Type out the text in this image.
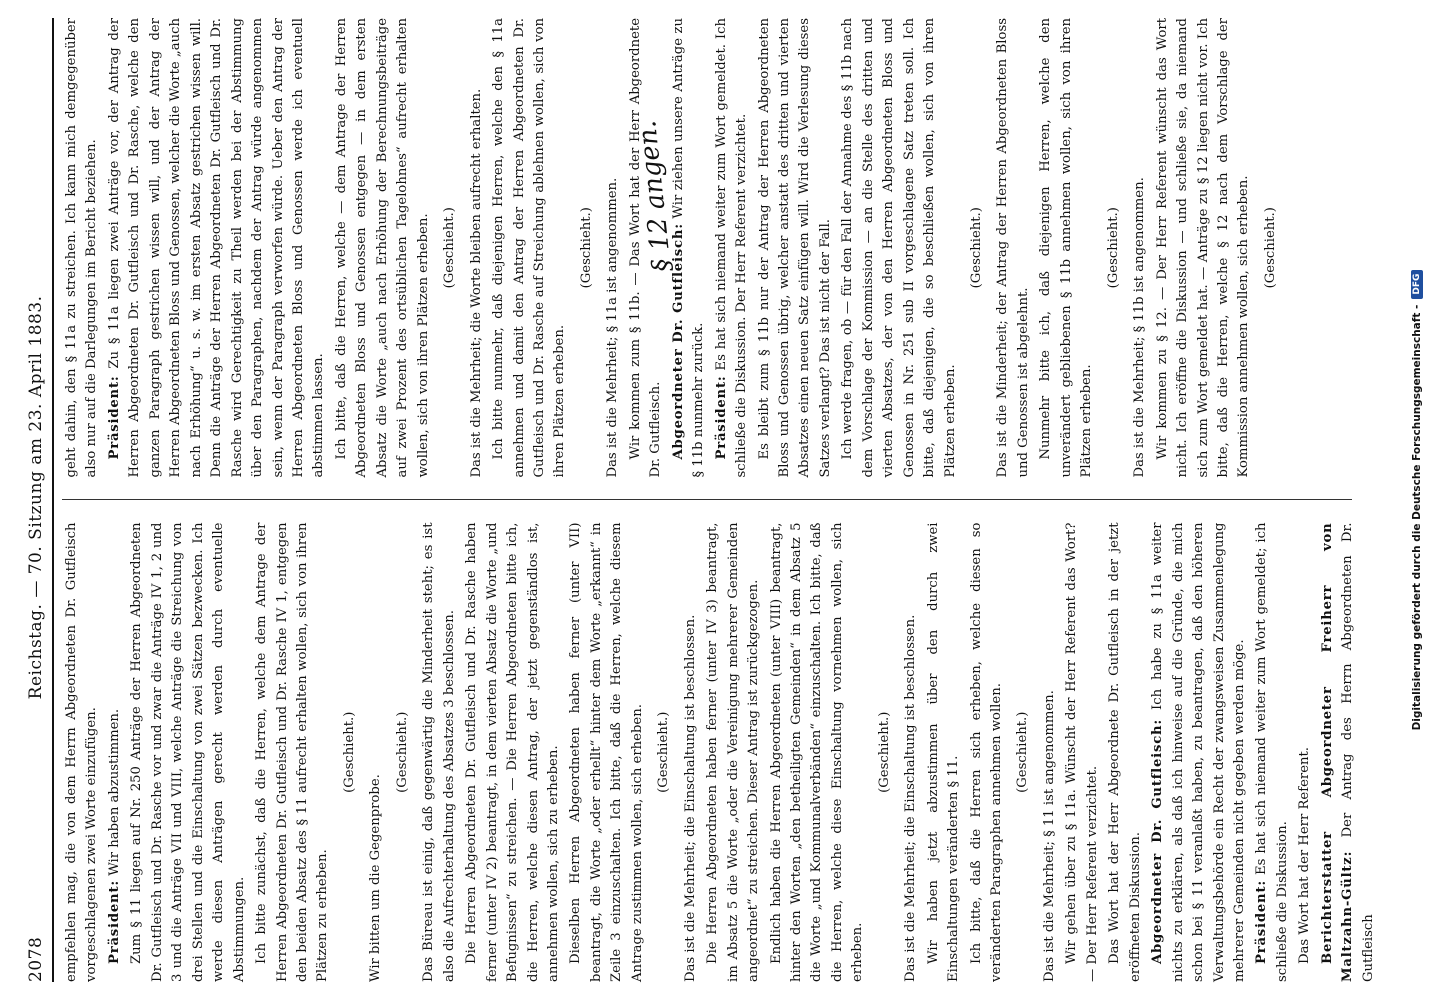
2078
Reichstag. — 70. Sitzung am 23. April 1883.

empfehlen mag, die von dem Herrn Abgeordneten Dr. Gutfleisch vorgeschlagenen zwei Worte einzufügen. Präsident: Wir haben abzustimmen. Zum § 11 liegen auf Nr. 250 Anträge der Herren Abgeordneten Dr. Gutfleisch und Dr. Rasche vor und zwar die Anträge IV 1, 2 und 3 und die Anträge VII und VIII, welche Anträge die Streichung von drei Stellen und die Einschaltung von zwei Sätzen bezwecken. Ich werde diesen Anträgen gerecht werden durch eventuelle Abstimmungen. Ich bitte zunächst, daß die Herren, welche dem Antrage der Herren Abgeordneten Dr. Gutfleisch und Dr. Rasche IV 1, entgegen den beiden Absatz des § 11 aufrecht erhalten wollen, sich von ihren Plätzen zu erheben.

(Geschieht.)

Wir bitten um die Gegenprobe.

(Geschieht.) Das Büreau ist einig, daß gegenwärtig die Minderheit steht; es ist also die Aufrechterhaltung des Absatzes 3 beschlossen. Die Herren Abgeordneten Dr. Gutfleisch und Dr. Rasche haben ferner (unter IV 2) beantragt, in dem vierten Absatz die Worte „und Befugnissen“ zu streichen. — Die Herren Abgeordneten bitte ich, die Herren, welche diesen Antrag, der jetzt gegenständlos ist, annehmen wollen, sich zu erheben. Dieselben Herren Abgeordneten haben ferner (unter VII) beantragt, die Worte „oder erhellt“ hinter dem Worte „erkannt“ in Zeile 3 einzuschalten. Ich bitte, daß die Herren, welche diesem Antrage zustimmen wollen, sich erheben. (Geschieht.) Das ist die Mehrheit; die Einschaltung ist beschlossen. Die Herren Abgeordneten haben ferner (unter IV 3) beantragt, im Absatz 5 die Worte „oder die Vereinigung mehrerer Gemeinden angeordnet“ zu streichen. Dieser Antrag ist zurückgezogen. Endlich haben die Herren Abgeordneten (unter VIII) beantragt, hinter den Worten „den betheiligten Gemeinden“ in dem Absatz 5 die Worte „und Kommunalverbänden“ einzuschalten. Ich bitte, daß die Herren, welche diese Einschaltung vornehmen wollen, sich erheben.

(Geschieht.) Das ist die Mehrheit; die Einschaltung ist beschlossen. Wir haben jetzt abzustimmen über den durch zwei Einschaltungen veränderten § 11. Ich bitte, daß die Herren sich erheben, welche diesen so veränderten Paragraphen annehmen wollen. (Geschieht.) Das ist die Mehrheit; § 11 ist angenommen. Wir gehen über zu § 11a. Wünscht der Herr Referent das Wort? — Der Herr Referent verzichtet. Das Wort hat der Herr Abgeordnete Dr. Gutfleisch in der jetzt eröffneten Diskussion. Abgeordneter Dr. Gutfleisch: Ich habe zu § 11a weiter nichts zu erklären, als daß ich hinweise auf die Gründe, die mich schon bei § 11 veranlaßt haben, zu beantragen, daß den höheren Verwaltungsbehörde ein Recht der zwangsweisen Zusammenlegung mehrerer Gemeinden nicht gegeben werden möge. Präsident: Es hat sich niemand weiter zum Wort gemeldet; ich schließe die Diskussion. Das Wort hat der Herr Referent. Berichterstatter Abgeordneter Freiherr von Maltzahn-Gültz: Der Antrag des Herrn Abgeordneten Dr. Gutfleisch

geht dahin, den § 11a zu streichen. Ich kann mich demgegenüber also nur auf die Darlegungen im Bericht beziehen. Präsident: Zu § 11a liegen zwei Anträge vor, der Antrag der Herren Abgeordneten Dr. Gutfleisch und Dr. Rasche, welche den ganzen Paragraph gestrichen wissen will, und der Antrag der Herren Abgeordneten Bloss und Genossen, welcher die Worte „auch nach Erhöhung“ u. s. w. im ersten Absatz gestrichen wissen will. Denn die Anträge der Herren Abgeordneten Dr. Gutfleisch und Dr. Rasche wird Gerechtigkeit zu Theil werden bei der Abstimmung über den Paragraphen, nachdem der Antrag würde angenommen sein, wenn der Paragraph verworfen würde. Ueber den Antrag der Herren Abgeordneten Bloss und Genossen werde ich eventuell abstimmen lassen. Ich bitte, daß die Herren, welche — dem Antrage der Herren Abgeordneten Bloss und Genossen entgegen — in dem ersten Absatz die Worte „auch nach Erhöhung der Berechnungsbeiträge auf zwei Prozent des ortsüblichen Tagelohnes“ aufrecht erhalten wollen, sich von ihren Plätzen erheben. (Geschieht.) Das ist die Mehrheit; die Worte bleiben aufrecht erhalten. Ich bitte nunmehr, daß diejenigen Herren, welche den § 11a annehmen und damit den Antrag der Herren Abgeordneten Dr. Gutfleisch und Dr. Rasche auf Streichung ablehnen wollen, sich von ihren Plätzen erheben.

(Geschieht.) Das ist die Mehrheit; § 11a ist angenommen. Wir kommen zum § 11b. — Das Wort hat der Herr Abgeordnete Dr. Gutfleisch. Abgeordneter Dr. Gutfleisch: Wir ziehen unsere Anträge zu § 11b nunmehr zurück. Präsident: Es hat sich niemand weiter zum Wort gemeldet. Ich schließe die Diskussion. Der Herr Referent verzichtet. Es bleibt zum § 11b nur der Antrag der Herren Abgeordneten Bloss und Genossen übrig, welcher anstatt des dritten und vierten Absatzes einen neuen Satz einfügen will. Wird die Verlesung dieses Satzes verlangt? Das ist nicht der Fall. Ich werde fragen, ob — für den Fall der Annahme des § 11b nach dem Vorschlage der Kommission — an die Stelle des dritten und vierten Absatzes, der von den Herren Abgeordneten Bloss und Genossen in Nr. 251 sub II vorgeschlagene Satz treten soll. Ich bitte, daß diejenigen, die so beschließen wollen, sich von ihren Plätzen erheben.

(Geschieht.) Das ist die Minderheit; der Antrag der Herren Abgeordneten Bloss und Genossen ist abgelehnt. Nunmehr bitte ich, daß diejenigen Herren, welche den unverändert gebliebenen § 11b annehmen wollen, sich von ihren Plätzen erheben.

(Geschieht.) Das ist die Mehrheit; § 11b ist angenommen. Wir kommen zu § 12. — Der Herr Referent wünscht das Wort nicht. Ich eröffne die Diskussion — und schließe sie, da niemand sich zum Wort gemeldet hat. — Anträge zu § 12 liegen nicht vor. Ich bitte, daß die Herren, welche § 12 nach dem Vorschlage der Kommission annehmen wollen, sich erheben. (Geschieht.)

§ 12 angen.
Digitalisierung gefördert durch die Deutsche Forschungsgemeinschaft -
DFG
